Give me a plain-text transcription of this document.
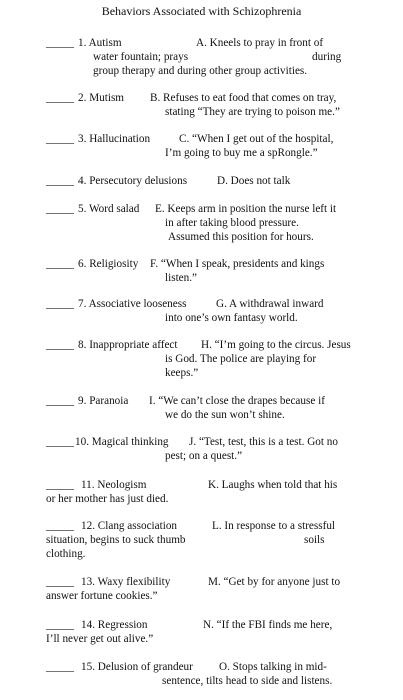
Behaviors Associated with Schizophrenia
_____ 1. Autism	A. Kneels to pray in front of
water fountain; prays	during
group therapy and during other group activities.
_____ 2. Mutism B. Refuses to eat food that comes on tray,
stating “They are trying to poison me.”
_____ 3. Hallucination	C. “When I get out of the hospital,
I’m going to buy me a spRongle.”
_____ 4. Persecutory delusions	D. Does not talk
_____ 5. Word salad E. Keeps arm in position the nurse left it
in after taking blood pressure.
Assumed this position for hours.
_____ 6. Religiosity F. “When I speak, presidents and kings
listen.”
_____ 7. Associative looseness	G. A withdrawal inward
into one’s own fantasy world.
_____ 8. Inappropriate affect H. “I’m going to the circus. Jesus
is God. The police are playing for
keeps.”
_____ 9. Paranoia I. “We can’t close the drapes because if
we do the sun won’t shine.
_____ 10. Magical thinking J. “Test, test, this is a test. Got no
pest; on a quest.”
_____ 11. Neologism	K. Laughs when told that his
or her mother has just died.
_____ 12. Clang association	L. In response to a stressful
situation, begins to suck thumb	soils
clothing.
_____ 13. Waxy flexibility	M. “Get by for anyone just to
answer fortune cookies.”
_____ 14. Regression	N. “If the FBI finds me here,
I’ll never get out alive.”
_____ 15. Delusion of grandeur O. Stops talking in mid-
sentence, tilts head to side and listens.
